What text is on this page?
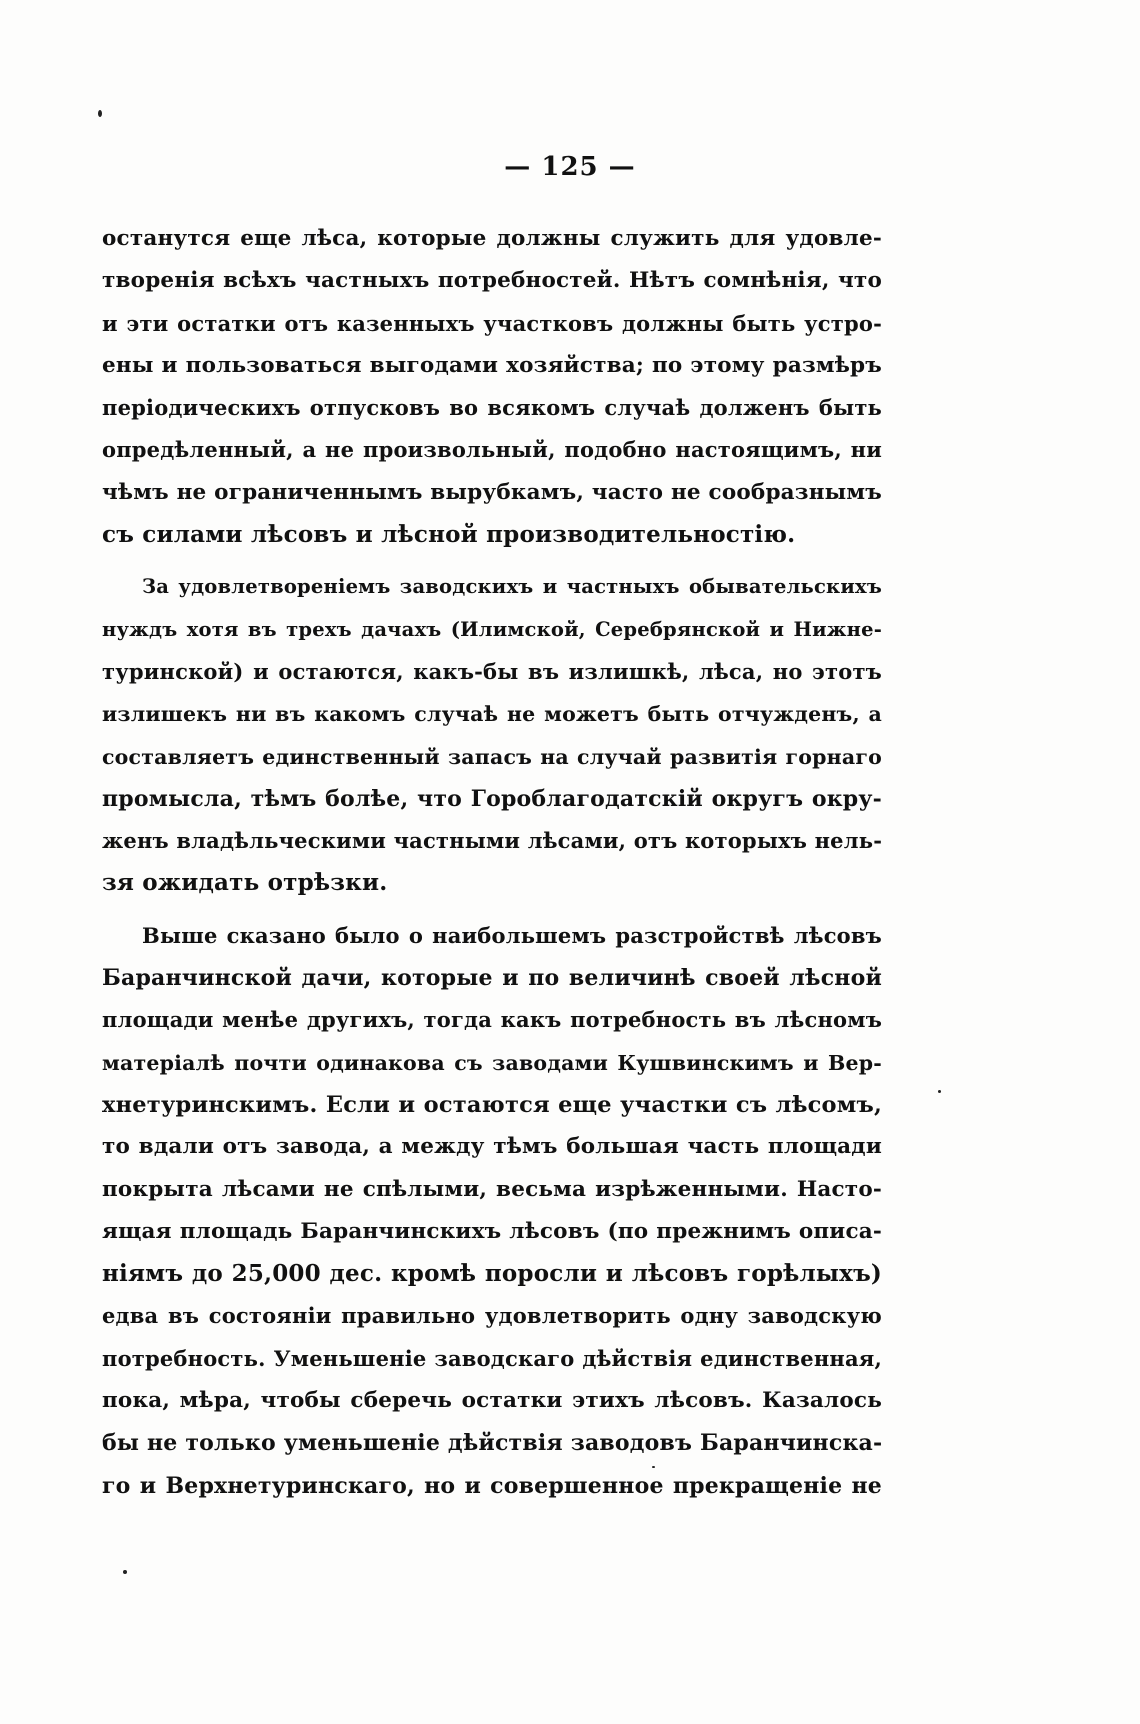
— 125 —
останутся еще лѣса, которые должны служить для удовле-
творенія всѣхъ частныхъ потребностей. Нѣтъ сомнѣнія, что
и эти остатки отъ казенныхъ участковъ должны быть устро-
ены и пользоваться выгодами хозяйства; по этому размѣръ
періодическихъ отпусковъ во всякомъ случаѣ долженъ быть
опредѣленный, а не произвольный, подобно настоящимъ, ни
чѣмъ не ограниченнымъ вырубкамъ, часто не сообразнымъ
съ силами лѣсовъ и лѣсной производительностію.
За удовлетвореніемъ заводскихъ и частныхъ обывательскихъ
нуждъ хотя въ трехъ дачахъ (Илимской, Серебрянской и Нижне-
туринской) и остаются, какъ-бы въ излишкѣ, лѣса, но этотъ
излишекъ ни въ какомъ случаѣ не можетъ быть отчужденъ, а
составляетъ единственный запасъ на случай развитія горнаго
промысла, тѣмъ болѣе, что Гороблагодатскій округъ окру-
женъ владѣльческими частными лѣсами, отъ которыхъ нель-
зя ожидать отрѣзки.
Выше сказано было о наибольшемъ разстройствѣ лѣсовъ
Баранчинской дачи, которые и по величинѣ своей лѣсной
площади менѣе другихъ, тогда какъ потребность въ лѣсномъ
матеріалѣ почти одинакова съ заводами Кушвинскимъ и Вер-
хнетуринскимъ. Если и остаются еще участки съ лѣсомъ,
то вдали отъ завода, а между тѣмъ большая часть площади
покрыта лѣсами не спѣлыми, весьма изрѣженными. Насто-
ящая площадь Баранчинскихъ лѣсовъ (по прежнимъ описа-
ніямъ до 25,000 дес. кромѣ поросли и лѣсовъ горѣлыхъ)
едва въ состояніи правильно удовлетворить одну заводскую
потребность. Уменьшеніе заводскаго дѣйствія единственная,
пока, мѣра, чтобы сберечь остатки этихъ лѣсовъ. Казалось
бы не только уменьшеніе дѣйствія заводовъ Баранчинска-
го и Верхнетуринскаго, но и совершенное прекращеніе не
